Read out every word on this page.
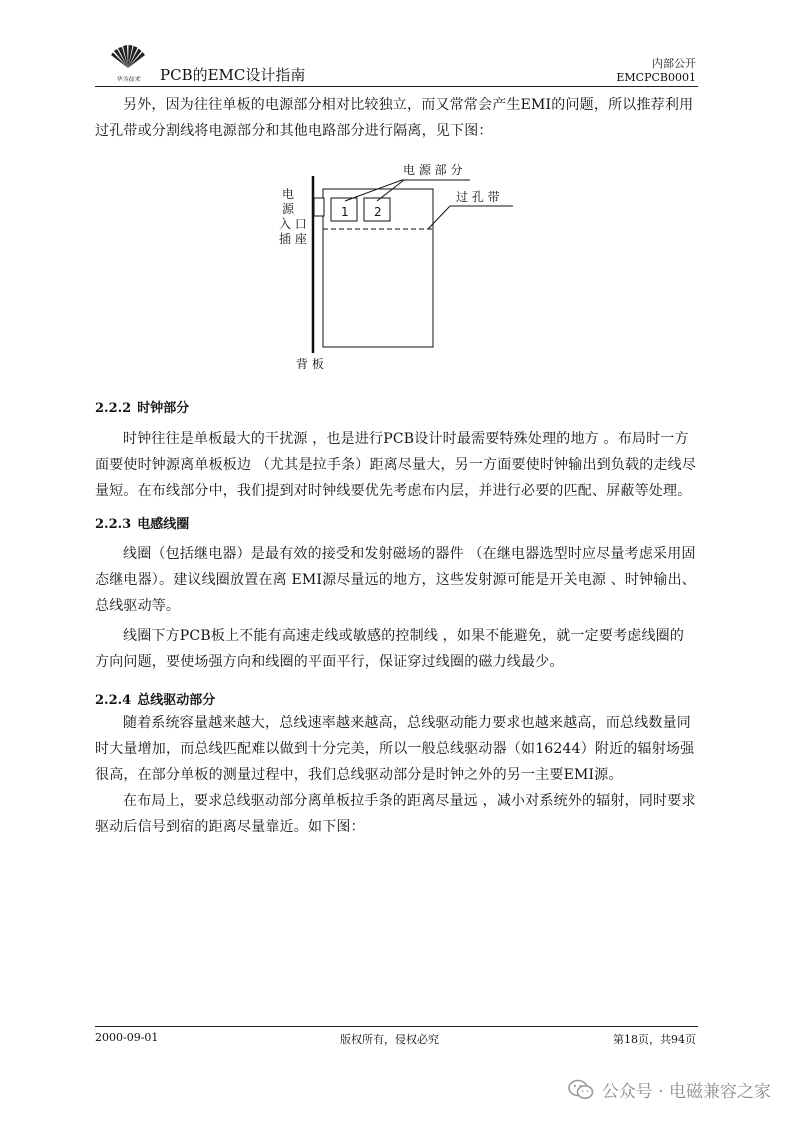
华为技术	PCB的EMC设计指南
内部公开
EMCPCB0001

另外，因为往往单板的电源部分相对比较独立，而又常常会产生EMI的问题，所以推荐利用过孔带或分割线将电源部分和其他电路部分进行隔离，见下图：

1 2
电 源 部 分
过 孔 带
电
源
入 口
插 座
背 板
2.2.2 时钟部分

时钟往往是单板最大的干扰源 ，也是进行PCB设计时最需要特殊处理的地方 。布局时一方面要使时钟源离单板板边 （尤其是拉手条）距离尽量大，另一方面要使时钟输出到负载的走线尽量短。在布线部分中，我们提到对时钟线要优先考虑布内层，并进行必要的匹配、屏蔽等处理。

2.2.3 电感线圈

线圈（包括继电器）是最有效的接受和发射磁场的器件 （在继电器选型时应尽量考虑采用固态继电器）。建议线圈放置在离 EMI源尽量远的地方，这些发射源可能是开关电源 、时钟输出、总线驱动等。

线圈下方PCB板上不能有高速走线或敏感的控制线 ，如果不能避免，就一定要考虑线圈的方向问题，要使场强方向和线圈的平面平行，保证穿过线圈的磁力线最少。

2.2.4 总线驱动部分

随着系统容量越来越大，总线速率越来越高，总线驱动能力要求也越来越高，而总线数量同时大量增加，而总线匹配难以做到十分完美，所以一般总线驱动器（如16244）附近的辐射场强很高，在部分单板的测量过程中，我们总线驱动部分是时钟之外的另一主要EMI源。

在布局上，要求总线驱动部分离单板拉手条的距离尽量远 ，减小对系统外的辐射，同时要求驱动后信号到宿的距离尽量靠近。如下图：

2000-09-01	版权所有，侵权必究	第18页，共94页
公众号 · 电磁兼容之家
